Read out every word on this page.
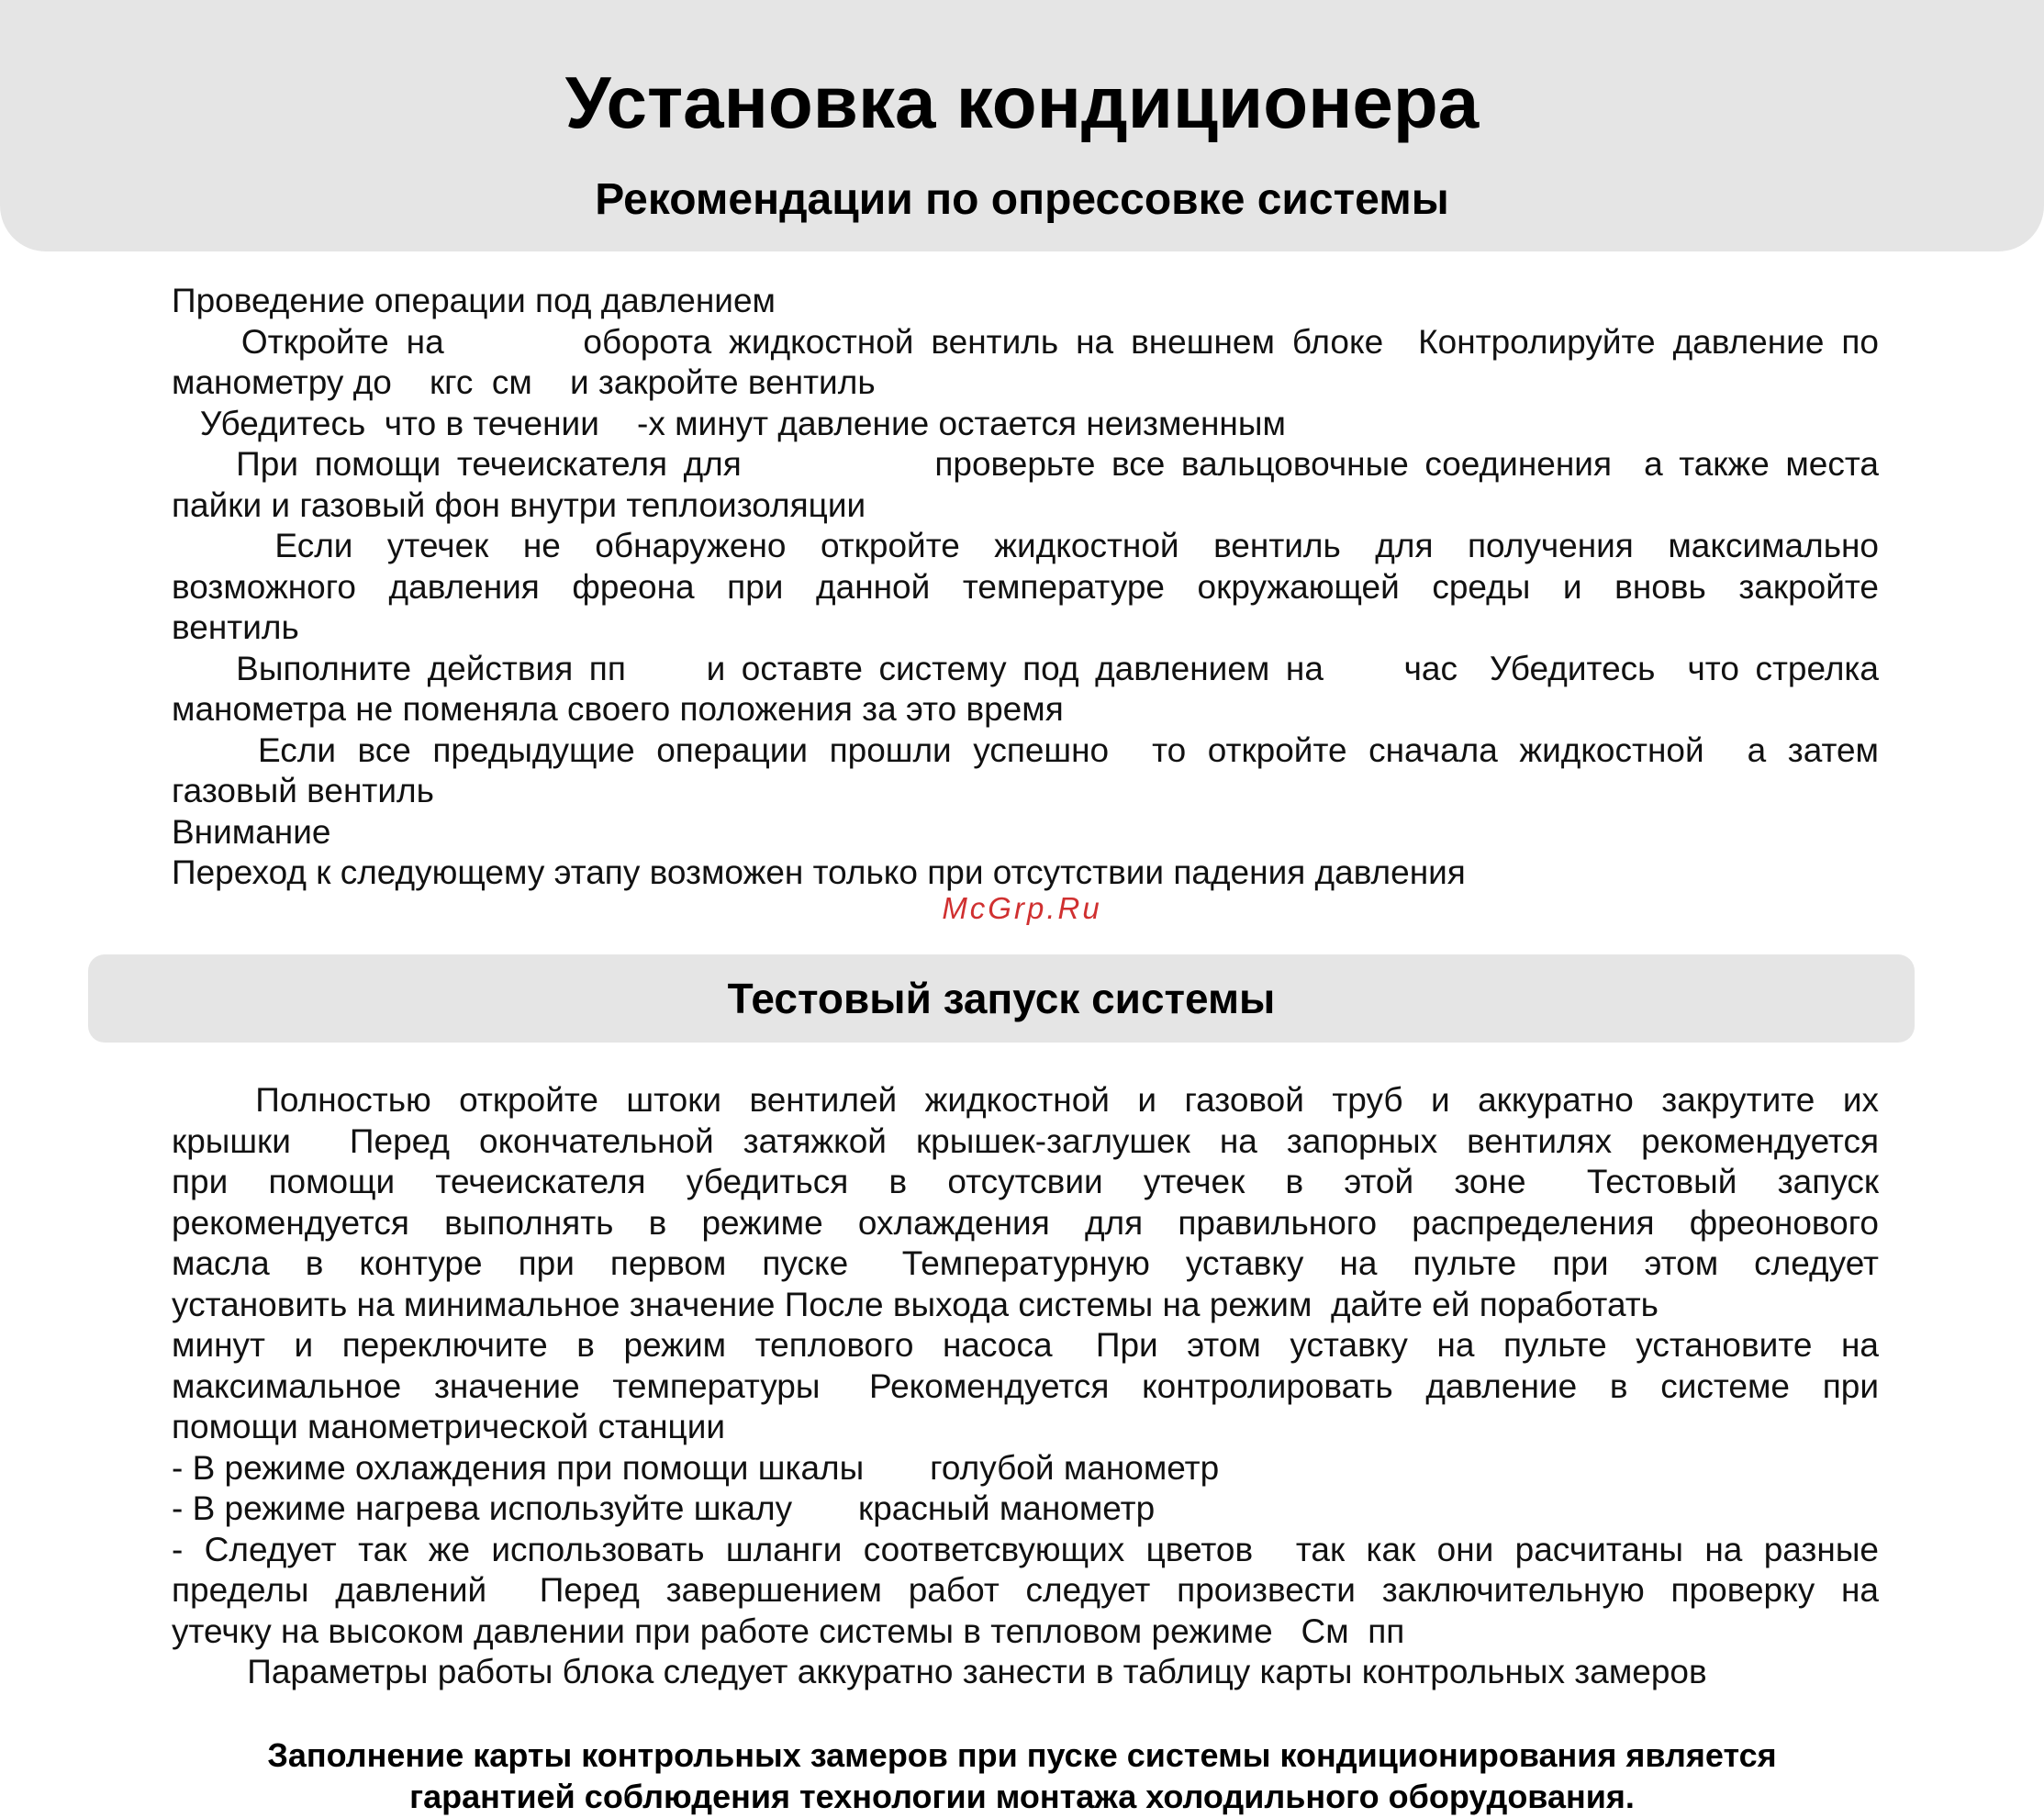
Установка кондиционера
Рекомендации по опрессовке системы
Проведение операции под давлением
Откройте на        оборота жидкостной вентиль на внешнем блоке  Контролируйте давление по
манометру до    кгс  см    и закройте вентиль
Убедитесь  что в течении    -х минут давление остается неизменным
При помощи течеискателя для            проверьте все вальцовочные соединения  а также места
пайки и газовый фон внутри теплоизоляции
Если  утечек  не  обнаружено  откройте  жидкостной  вентиль  для  получения  максимально
возможного  давления  фреона  при  данной  температуре  окружающей  среды  и  вновь  закройте
вентиль
Выполните действия пп     и оставте систему под давлением на     час  Убедитесь  что стрелка
манометра не поменяла своего положения за это время
Если все предыдущие операции прошли успешно  то откройте сначала жидкостной  а затем
газовый вентиль
Внимание
Переход к следующему этапу возможен только при отсутствии падения давления
McGrp.Ru
Тестовый запуск системы
Полностью  откройте  штоки  вентилей  жидкостной  и  газовой  труб  и  аккуратно  закрутите  их
крышки  Перед окончательной затяжкой крышек-заглушек на запорных вентилях рекомендуется
при  помощи  течеискателя  убедиться  в  отсутсвии  утечек  в  этой  зоне   Тестовый  запуск
рекомендуется выполнять в режиме охлаждения для правильного распределения фреонового
масла  в  контуре  при  первом  пуске   Температурную  уставку  на  пульте  при  этом  следует
установить на минимальное значение После выхода системы на режим  дайте ей поработать
минут  и  переключите  в  режим  теплового  насоса   При  этом  уставку  на  пульте  установите  на
максимальное  значение  температуры   Рекомендуется  контролировать  давление  в  системе  при
помощи манометрической станции
- В режиме охлаждения при помощи шкалы       голубой манометр
- В режиме нагрева используйте шкалу       красный манометр
- Следует так же использовать шланги соответсвующих цветов  так как они расчитаны на разные
пределы давлений  Перед завершением работ следует произвести заключительную проверку на
утечку на высоком давлении при работе системы в тепловом режиме   См  пп
Параметры работы блока следует аккуратно занести в таблицу карты контрольных замеров
Заполнение карты контрольных замеров при пуске системы кондиционирования является
гарантией соблюдения технологии монтажа холодильного оборудования.
